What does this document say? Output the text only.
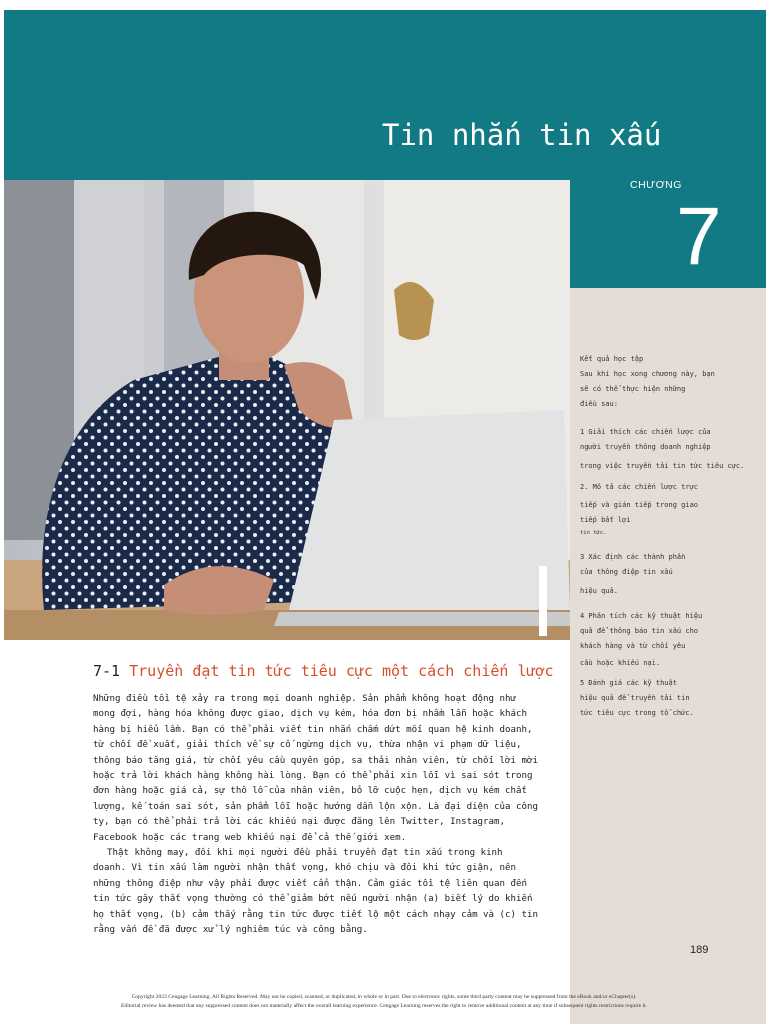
Tin nhắn tin xấu
CHƯƠNG
7

Kết quả học tập

Sau khi học xong chương này, bạn

sẽ có thể thực hiện những

điều sau:

1 Giải thích các chiến lược của

người truyền thông doanh nghiệp

trong việc truyền tải tin tức tiêu cực.

2. Mô tả các chiến lược trực

tiếp và gián tiếp trong giao

tiếp bất lợi

tin tức.

3 Xác định các thành phần

của thông điệp tin xấu

hiệu quả.

4 Phân tích các kỹ thuật hiệu

quả để thông báo tin xấu cho

khách hàng và từ chối yêu

cầu hoặc khiếu nại.

5 Đánh giá các kỹ thuật

hiệu quả để truyền tải tin

tức tiêu cực trong tổ chức.

7-1 Truyền đạt tin tức tiêu cực một cách chiến lược

Những điều tồi tệ xảy ra trong mọi doanh nghiệp. Sản phẩm không hoạt động như mong đợi, hàng hóa không được giao, dịch vụ kém, hóa đơn bị nhầm lẫn hoặc khách hàng bị hiểu lầm. Bạn có thể phải viết tin nhắn chấm dứt mối quan hệ kinh doanh, từ chối đề xuất, giải thích về sự cố ngừng dịch vụ, thừa nhận vi phạm dữ liệu, thông báo tăng giá, từ chối yêu cầu quyên góp, sa thải nhân viên, từ chối lời mời hoặc trả lời khách hàng không hài lòng. Bạn có thể phải xin lỗi vì sai sót trong đơn hàng hoặc giá cả, sự thô lỗ của nhân viên, bỏ lỡ cuộc hẹn, dịch vụ kém chất lượng, kế toán sai sót, sản phẩm lỗi hoặc hướng dẫn lộn xộn. Là đại diện của công ty, bạn có thể phải trả lời các khiếu nại được đăng lên Twitter, Instagram, Facebook hoặc các trang web khiếu nại để cả thế giới xem.

Thật không may, đôi khi mọi người đều phải truyền đạt tin xấu trong kinh doanh. Vì tin xấu làm người nhận thất vọng, khó chịu và đôi khi tức giận, nên những thông điệp như vậy phải được viết cẩn thận. Cảm giác tồi tệ liên quan đến tin tức gây thất vọng thường có thể giảm bớt nếu người nhận (a) biết lý do khiến họ thất vọng, (b) cảm thấy rằng tin tức được tiết lộ một cách nhạy cảm và (c) tin rằng vấn đề đã được xử lý nghiêm túc và công bằng.

189
Copyright 2023 Cengage Learning. All Rights Reserved. May not be copied, scanned, or duplicated, in whole or in part. Due to electronic rights, some third party content may be suppressed from the eBook and/or eChapter(s).
Editorial review has deemed that any suppressed content does not materially affect the overall learning experience. Cengage Learning reserves the right to remove additional content at any time if subsequent rights restrictions require it.
